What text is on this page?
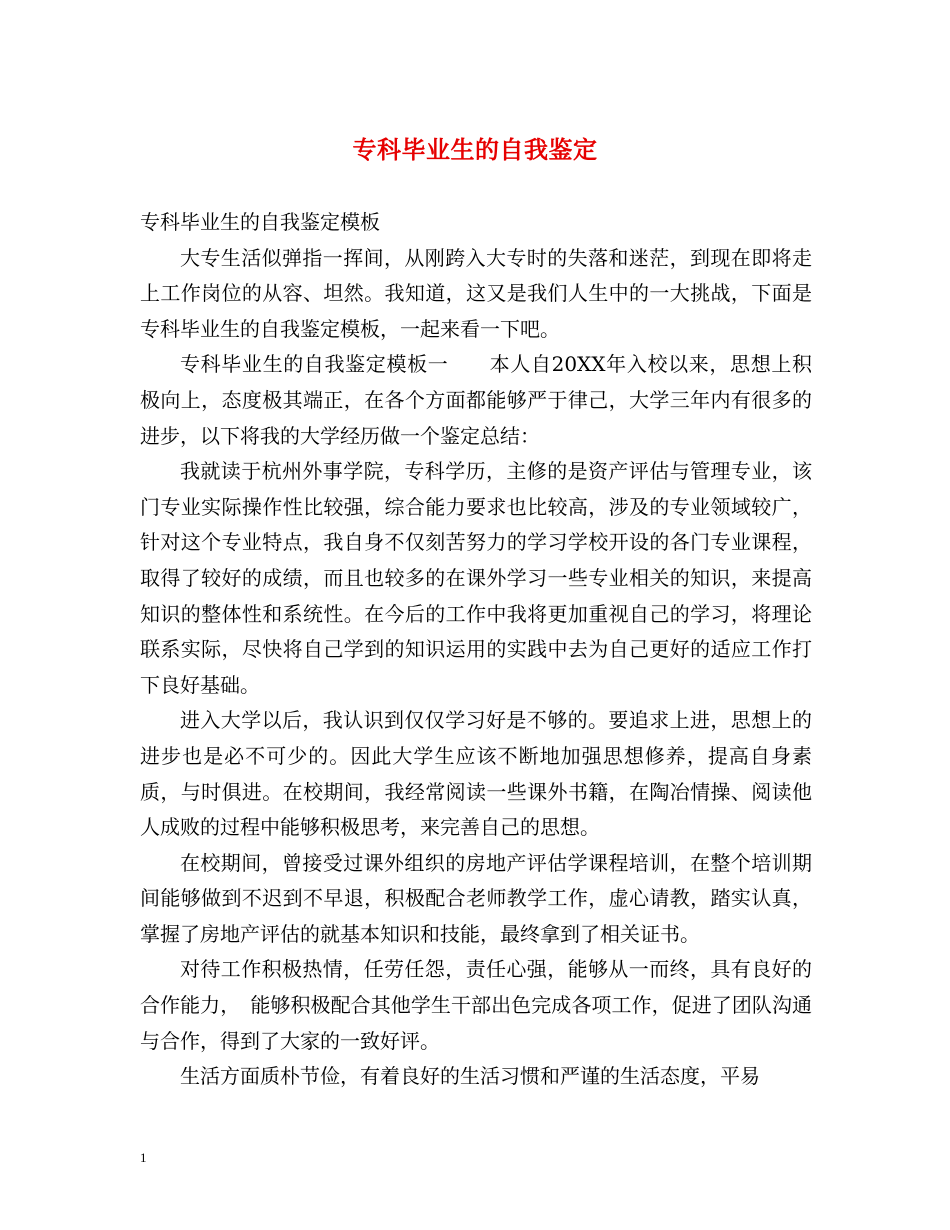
专科毕业生的自我鉴定

专科毕业生的自我鉴定模板

大专生活似弹指一挥间，从刚跨入大专时的失落和迷茫，到现在即将走上工作岗位的从容、坦然。我知道，这又是我们人生中的一大挑战，下面是专科毕业生的自我鉴定模板，一起来看一下吧。

专科毕业生的自我鉴定模板一　　本人自20XX年入校以来，思想上积极向上，态度极其端正，在各个方面都能够严于律己，大学三年内有很多的进步，以下将我的大学经历做一个鉴定总结：

我就读于杭州外事学院，专科学历，主修的是资产评估与管理专业，该门专业实际操作性比较强，综合能力要求也比较高，涉及的专业领域较广，针对这个专业特点，我自身不仅刻苦努力的学习学校开设的各门专业课程，取得了较好的成绩，而且也较多的在课外学习一些专业相关的知识，来提高知识的整体性和系统性。在今后的工作中我将更加重视自己的学习，将理论联系实际，尽快将自己学到的知识运用的实践中去为自己更好的适应工作打下良好基础。

进入大学以后，我认识到仅仅学习好是不够的。要追求上进，思想上的进步也是必不可少的。因此大学生应该不断地加强思想修养，提高自身素质，与时俱进。在校期间，我经常阅读一些课外书籍，在陶冶情操、阅读他人成败的过程中能够积极思考，来完善自己的思想。

在校期间，曾接受过课外组织的房地产评估学课程培训，在整个培训期间能够做到不迟到不早退，积极配合老师教学工作，虚心请教，踏实认真，掌握了房地产评估的就基本知识和技能，最终拿到了相关证书。

对待工作积极热情，任劳任怨，责任心强，能够从一而终，具有良好的合作能力，　能够积极配合其他学生干部出色完成各项工作，促进了团队沟通与合作，得到了大家的一致好评。

生活方面质朴节俭，有着良好的生活习惯和严谨的生活态度，平易

1
